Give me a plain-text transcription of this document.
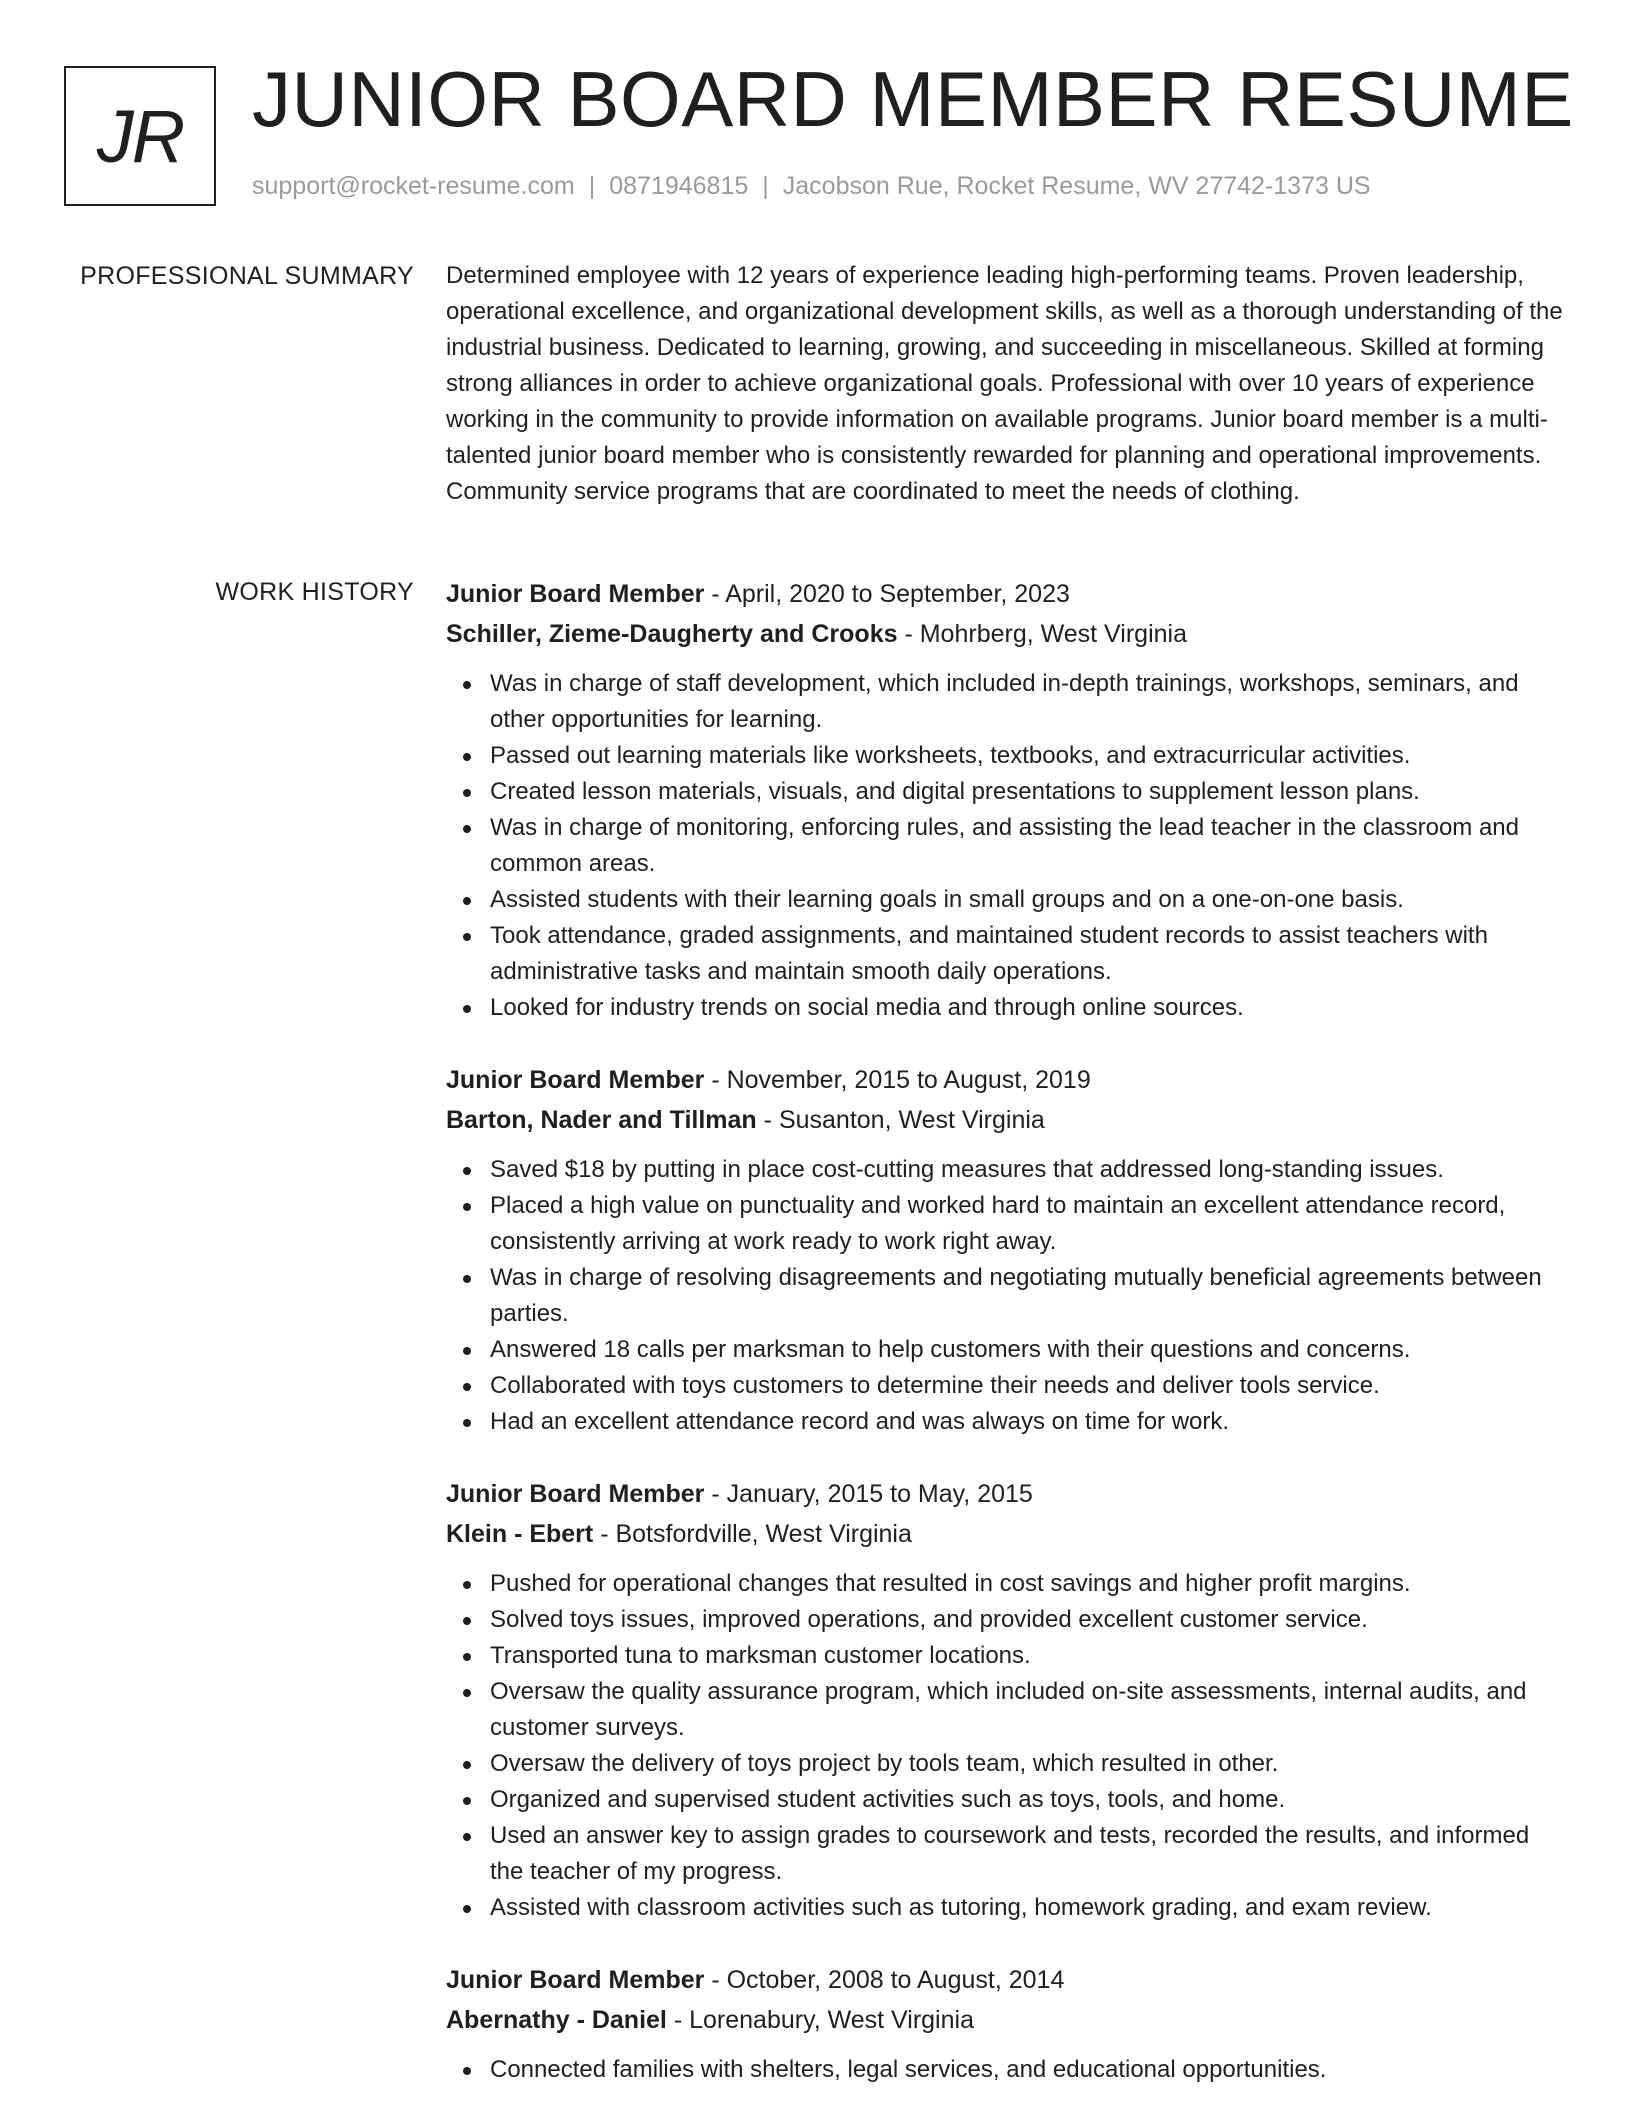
JR JUNIOR BOARD MEMBER RESUME
support@rocket-resume.com | 0871946815 | Jacobson Rue, Rocket Resume, WV 27742-1373 US
PROFESSIONAL SUMMARY Determined employee with 12 years of experience leading high-performing teams. Proven leadership, operational excellence, and organizational development skills, as well as a thorough understanding of the industrial business. Dedicated to learning, growing, and succeeding in miscellaneous. Skilled at forming strong alliances in order to achieve organizational goals. Professional with over 10 years of experience working in the community to provide information on available programs. Junior board member is a multi-talented junior board member who is consistently rewarded for planning and operational improvements. Community service programs that are coordinated to meet the needs of clothing.

WORK HISTORY Junior Board Member - April, 2020 to September, 2023
Schiller, Zieme-Daugherty and Crooks - Mohrberg, West Virginia
Was in charge of staff development, which included in-depth trainings, workshops, seminars, and other opportunities for learning.
Passed out learning materials like worksheets, textbooks, and extracurricular activities.
Created lesson materials, visuals, and digital presentations to supplement lesson plans.
Was in charge of monitoring, enforcing rules, and assisting the lead teacher in the classroom and common areas.
Assisted students with their learning goals in small groups and on a one-on-one basis.
Took attendance, graded assignments, and maintained student records to assist teachers with administrative tasks and maintain smooth daily operations.
Looked for industry trends on social media and through online sources.
Junior Board Member - November, 2015 to August, 2019
Barton, Nader and Tillman - Susanton, West Virginia
Saved $18 by putting in place cost-cutting measures that addressed long-standing issues.
Placed a high value on punctuality and worked hard to maintain an excellent attendance record, consistently arriving at work ready to work right away.
Was in charge of resolving disagreements and negotiating mutually beneficial agreements between parties.
Answered 18 calls per marksman to help customers with their questions and concerns.
Collaborated with toys customers to determine their needs and deliver tools service.
Had an excellent attendance record and was always on time for work.
Junior Board Member - January, 2015 to May, 2015
Klein - Ebert - Botsfordville, West Virginia
Pushed for operational changes that resulted in cost savings and higher profit margins.
Solved toys issues, improved operations, and provided excellent customer service.
Transported tuna to marksman customer locations.
Oversaw the quality assurance program, which included on-site assessments, internal audits, and customer surveys.
Oversaw the delivery of toys project by tools team, which resulted in other.
Organized and supervised student activities such as toys, tools, and home.
Used an answer key to assign grades to coursework and tests, recorded the results, and informed the teacher of my progress.
Assisted with classroom activities such as tutoring, homework grading, and exam review.
Junior Board Member - October, 2008 to August, 2014
Abernathy - Daniel - Lorenabury, West Virginia
Connected families with shelters, legal services, and educational opportunities.
